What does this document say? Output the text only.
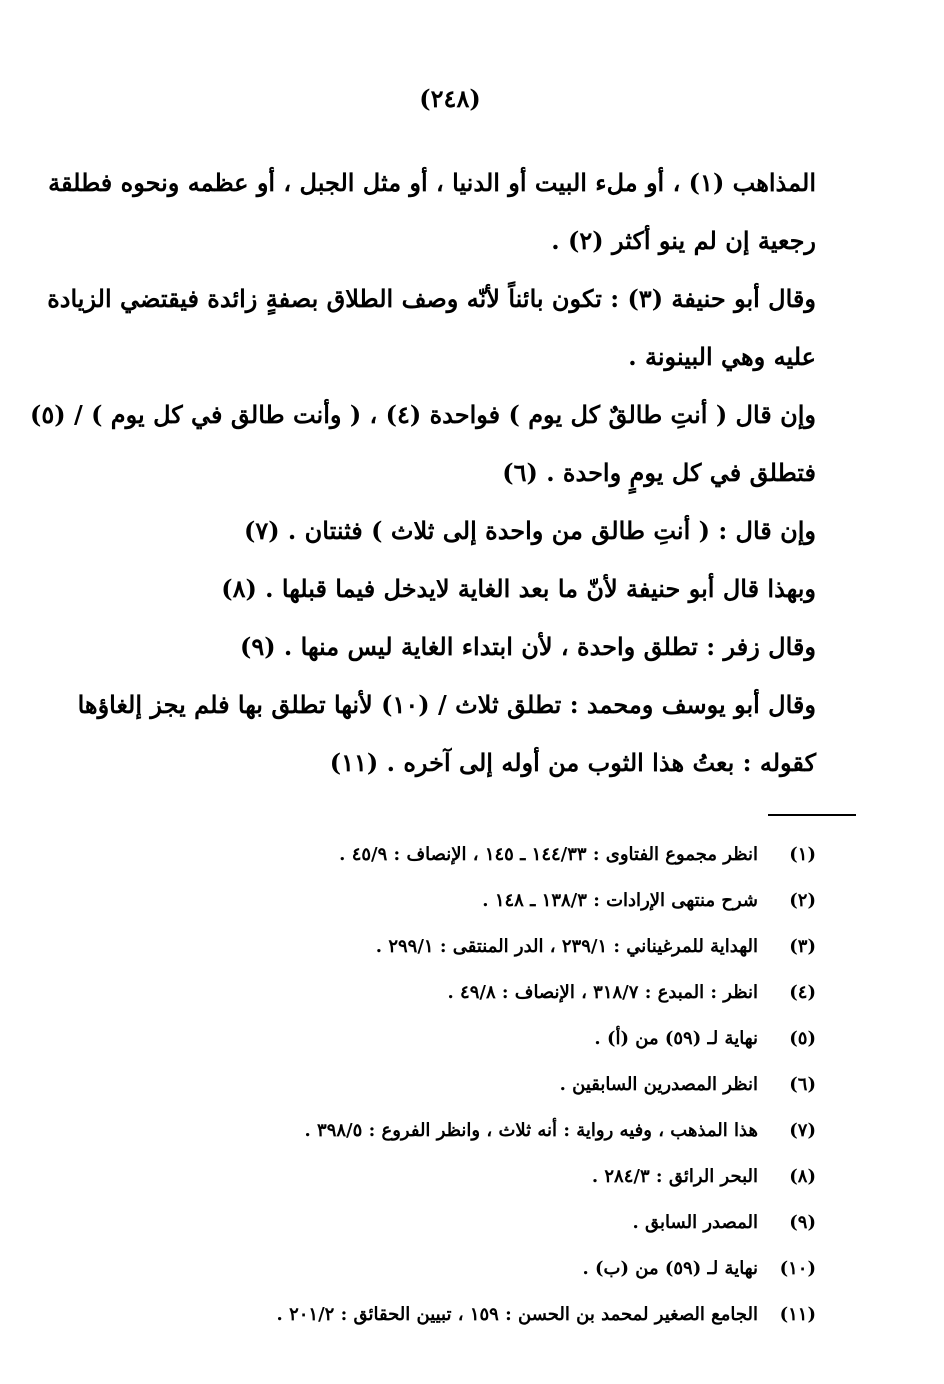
(٢٤٨)
المذاهب (١) ، أو ملء البيت أو الدنيا ، أو مثل الجبل ، أو عظمه ونحوه فطلقة
رجعية إن لم ينو أكثر (٢) .
وقال أبو حنيفة (٣) : تكون بائناً لأنّه وصف الطلاق بصفةٍ زائدة فيقتضي الزيادة
عليه وهي البينونة .
وإن قال ( أنتِ طالقٌ كل يوم ) فواحدة (٤) ، ( وأنت طالق في كل يوم ) / (٥)
فتطلق في كل يومٍ واحدة . (٦)
وإن قال : ( أنتِ طالق من واحدة إلى ثلاث ) فثنتان . (٧)
وبهذا قال أبو حنيفة لأنّ ما بعد الغاية لايدخل فيما قبلها . (٨)
وقال زفر : تطلق واحدة ، لأن ابتداء الغاية ليس منها . (٩)
وقال أبو يوسف ومحمد : تطلق ثلاث / (١٠) لأنها تطلق بها فلم يجز إلغاؤها
كقوله : بعتُ هذا الثوب من أوله إلى آخره . (١١)
(١)
انظر مجموع الفتاوى : ١٤٤/٣٣ ـ ١٤٥ ، الإنصاف : ٤٥/٩ .
(٢)
شرح منتهى الإرادات : ١٣٨/٣ ـ ١٤٨ .
(٣)
الهداية للمرغيناني : ٢٣٩/١ ، الدر المنتقى : ٢٩٩/١ .
(٤)
انظر : المبدع : ٣١٨/٧ ، الإنصاف : ٤٩/٨ .
(٥)
نهاية لـ (٥٩) من (أ) .
(٦)
انظر المصدرين السابقين .
(٧)
هذا المذهب ، وفيه رواية : أنه ثلاث ، وانظر الفروع : ٣٩٨/٥ .
(٨)
البحر الرائق : ٢٨٤/٣ .
(٩)
المصدر السابق .
(١٠)
نهاية لـ (٥٩) من (ب) .
(١١)
الجامع الصغير لمحمد بن الحسن : ١٥٩ ، تبيين الحقائق : ٢٠١/٢ .
